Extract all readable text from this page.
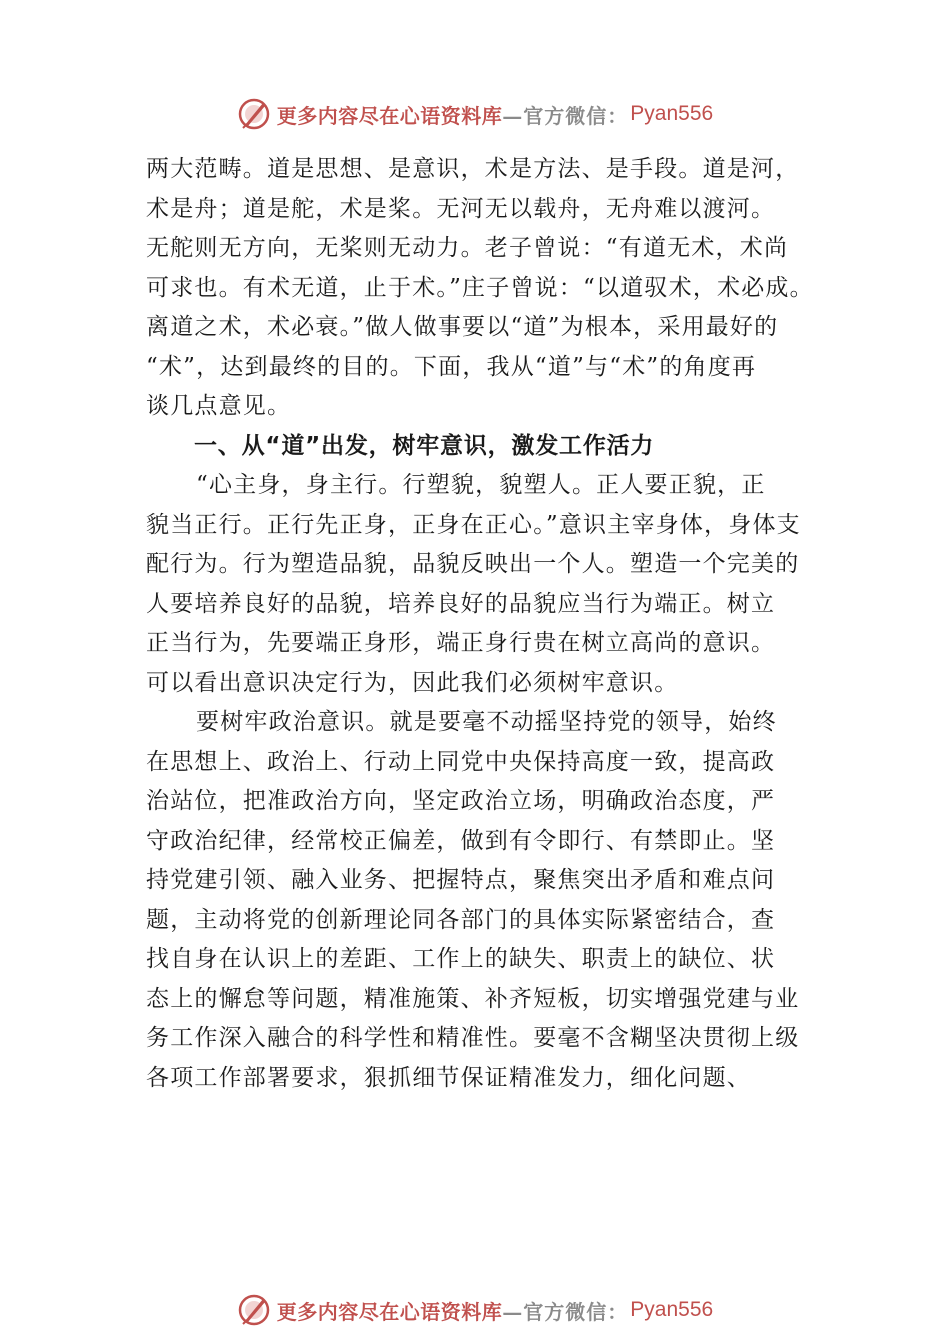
更多内容尽在心语资料库 —官方微信： Pyan556
两大范畴。道是思想、是意识，术是方法、是手段。道是河，
术是舟；道是舵，术是桨。无河无以载舟，无舟难以渡河。
无舵则无方向，无桨则无动力。老子曾说：“有道无术，术尚
可求也。有术无道，止于术。”庄子曾说：“以道驭术，术必成。
离道之术，术必衰。”做人做事要以“道”为根本，采用最好的
“术”，达到最终的目的。下面，我从“道”与“术”的角度再
谈几点意见。
一、从“道”出发，树牢意识，激发工作活力
“心主身，身主行。行塑貌，貌塑人。正人要正貌，正
貌当正行。正行先正身，正身在正心。”意识主宰身体，身体支
配行为。行为塑造品貌，品貌反映出一个人。塑造一个完美的
人要培养良好的品貌，培养良好的品貌应当行为端正。树立
正当行为，先要端正身形，端正身行贵在树立高尚的意识。
可以看出意识决定行为，因此我们必须树牢意识。
要树牢政治意识。就是要毫不动摇坚持党的领导，始终
在思想上、政治上、行动上同党中央保持高度一致，提高政
治站位，把准政治方向，坚定政治立场，明确政治态度，严
守政治纪律，经常校正偏差，做到有令即行、有禁即止。坚
持党建引领、融入业务、把握特点，聚焦突出矛盾和难点问
题，主动将党的创新理论同各部门的具体实际紧密结合，查
找自身在认识上的差距、工作上的缺失、职责上的缺位、状
态上的懈怠等问题，精准施策、补齐短板，切实增强党建与业
务工作深入融合的科学性和精准性。要毫不含糊坚决贯彻上级
各项工作部署要求，狠抓细节保证精准发力，细化问题、
更多内容尽在心语资料库 —官方微信： Pyan556
